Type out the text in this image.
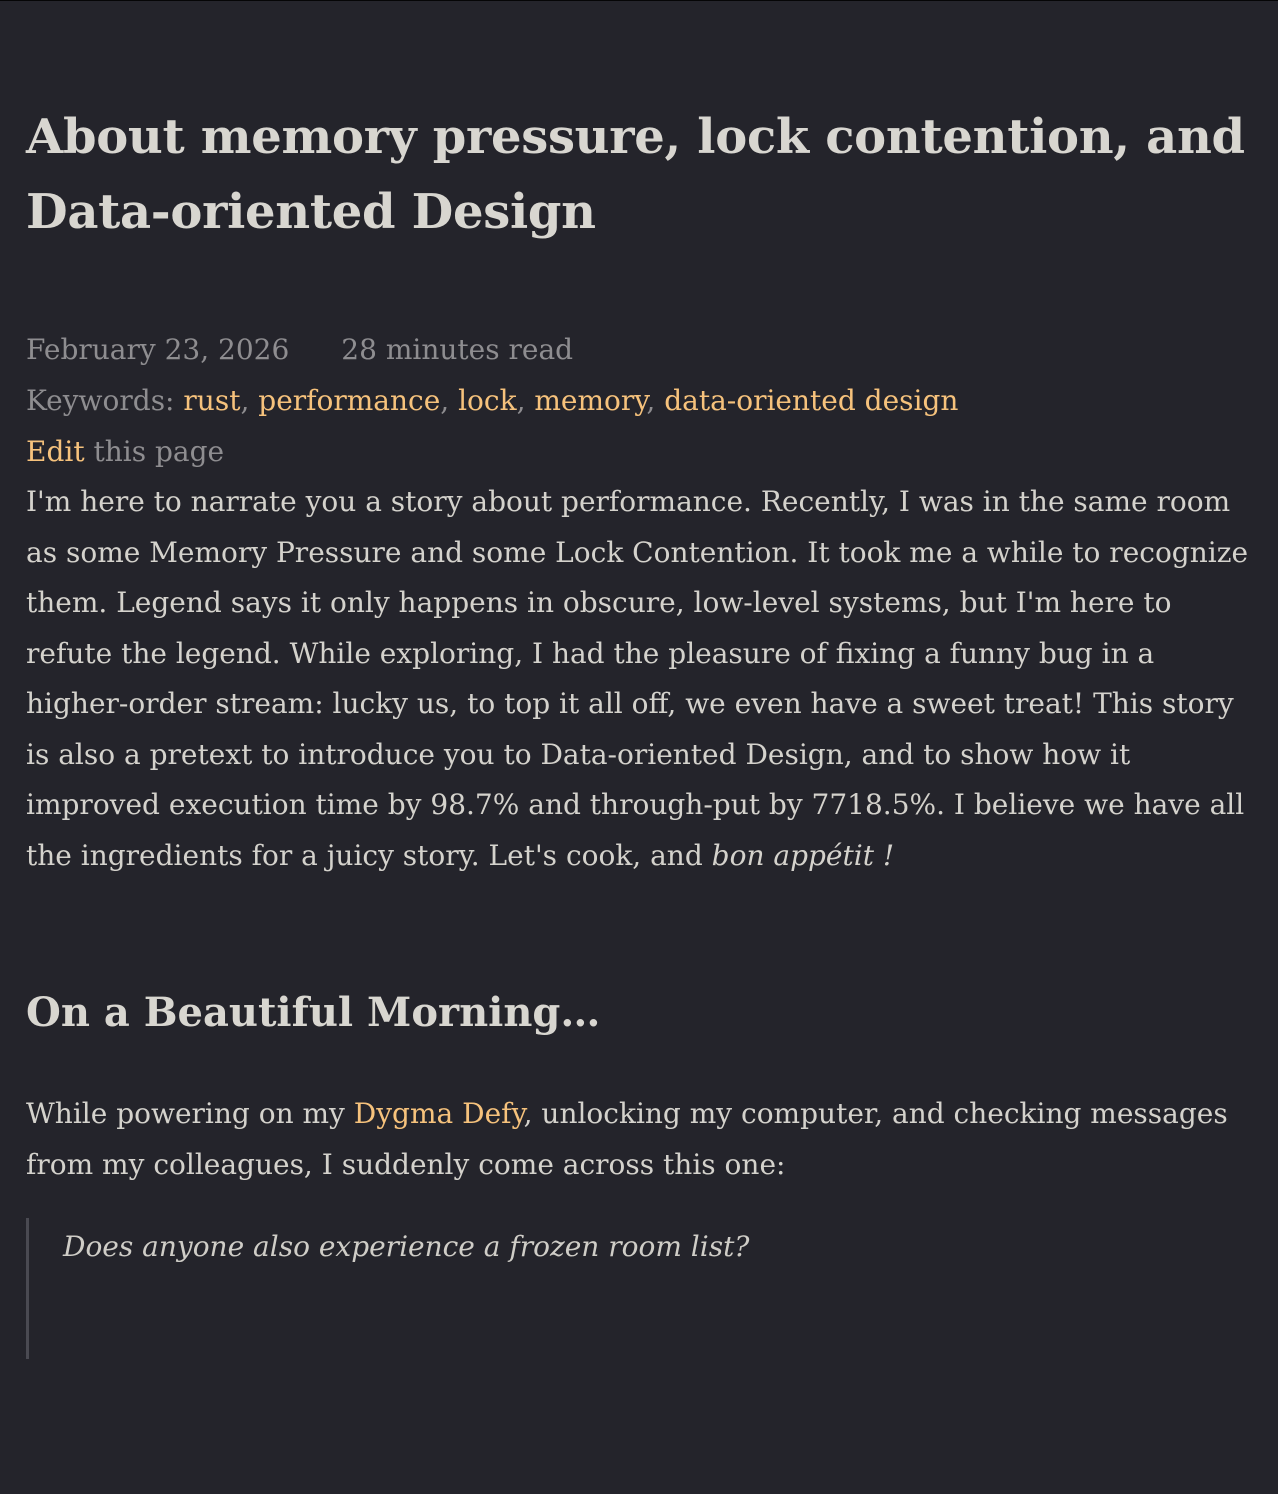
About memory pressure, lock contention, and Data-oriented Design
February 23, 2026 28 minutes read
Keywords: rust, performance, lock, memory, data-oriented design
Edit this page

I'm here to narrate you a story about performance. Recently, I was in the same room as some Memory Pressure and some Lock Contention. It took me a while to recognize them. Legend says it only happens in obscure, low-level systems, but I'm here to refute the legend. While exploring, I had the pleasure of fixing a funny bug in a higher-order stream: lucky us, to top it all off, we even have a sweet treat! This story is also a pretext to introduce you to Data-oriented Design, and to show how it improved execution time by 98.7% and through-put by 7718.5%. I believe we have all the ingredients for a juicy story. Let's cook, and bon appétit !

On a Beautiful Morning…

While powering on my Dygma Defy, unlocking my computer, and checking messages from my colleagues, I suddenly come across this one:

Does anyone also experience a frozen room list?
